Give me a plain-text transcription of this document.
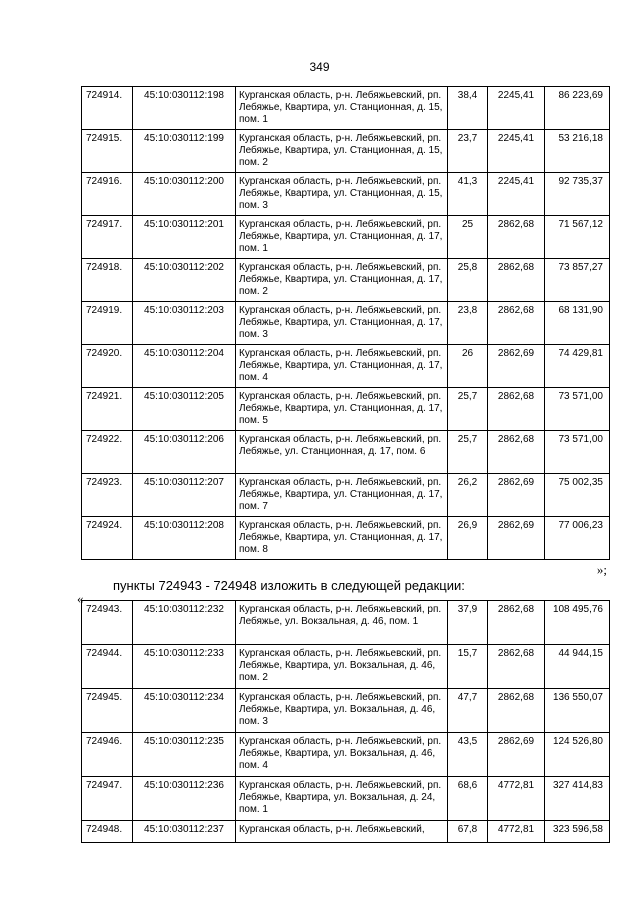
349
724914.	45:10:030112:198	Курганская область, р-н. Лебяжьевский, рп. Лебяжье, Квартира, ул. Станционная, д. 15, пом. 1	38,4	2245,41	86 223,69
724915.	45:10:030112:199	Курганская область, р-н. Лебяжьевский, рп. Лебяжье, Квартира, ул. Станционная, д. 15, пом. 2	23,7	2245,41	53 216,18
724916.	45:10:030112:200	Курганская область, р-н. Лебяжьевский, рп. Лебяжье, Квартира, ул. Станционная, д. 15, пом. 3	41,3	2245,41	92 735,37
724917.	45:10:030112:201	Курганская область, р-н. Лебяжьевский, рп. Лебяжье, Квартира, ул. Станционная, д. 17, пом. 1	25	2862,68	71 567,12
724918.	45:10:030112:202	Курганская область, р-н. Лебяжьевский, рп. Лебяжье, Квартира, ул. Станционная, д. 17, пом. 2	25,8	2862,68	73 857,27
724919.	45:10:030112:203	Курганская область, р-н. Лебяжьевский, рп. Лебяжье, Квартира, ул. Станционная, д. 17, пом. 3	23,8	2862,68	68 131,90
724920.	45:10:030112:204	Курганская область, р-н. Лебяжьевский, рп. Лебяжье, Квартира, ул. Станционная, д. 17, пом. 4	26	2862,69	74 429,81
724921.	45:10:030112:205	Курганская область, р-н. Лебяжьевский, рп. Лебяжье, Квартира, ул. Станционная, д. 17, пом. 5	25,7	2862,68	73 571,00
724922.	45:10:030112:206	Курганская область, р-н. Лебяжьевский, рп. Лебяжье, ул. Станционная, д. 17, пом. 6	25,7	2862,68	73 571,00
724923.	45:10:030112:207	Курганская область, р-н. Лебяжьевский, рп. Лебяжье, Квартира, ул. Станционная, д. 17, пом. 7	26,2	2862,69	75 002,35
724924.	45:10:030112:208	Курганская область, р-н. Лебяжьевский, рп. Лебяжье, Квартира, ул. Станционная, д. 17, пом. 8	26,9	2862,69	77 006,23
»;
пункты 724943 - 724948 изложить в следующей редакции:
«
724943.	45:10:030112:232	Курганская область, р-н. Лебяжьевский, рп. Лебяжье, ул. Вокзальная, д. 46, пом. 1	37,9	2862,68	108 495,76
724944.	45:10:030112:233	Курганская область, р-н. Лебяжьевский, рп. Лебяжье, Квартира, ул. Вокзальная, д. 46, пом. 2	15,7	2862,68	44 944,15
724945.	45:10:030112:234	Курганская область, р-н. Лебяжьевский, рп. Лебяжье, Квартира, ул. Вокзальная, д. 46, пом. 3	47,7	2862,68	136 550,07
724946.	45:10:030112:235	Курганская область, р-н. Лебяжьевский, рп. Лебяжье, Квартира, ул. Вокзальная, д. 46, пом. 4	43,5	2862,69	124 526,80
724947.	45:10:030112:236	Курганская область, р-н. Лебяжьевский, рп. Лебяжье, Квартира, ул. Вокзальная, д. 24, пом. 1	68,6	4772,81	327 414,83
724948.	45:10:030112:237	Курганская область, р-н. Лебяжьевский,	67,8	4772,81	323 596,58
